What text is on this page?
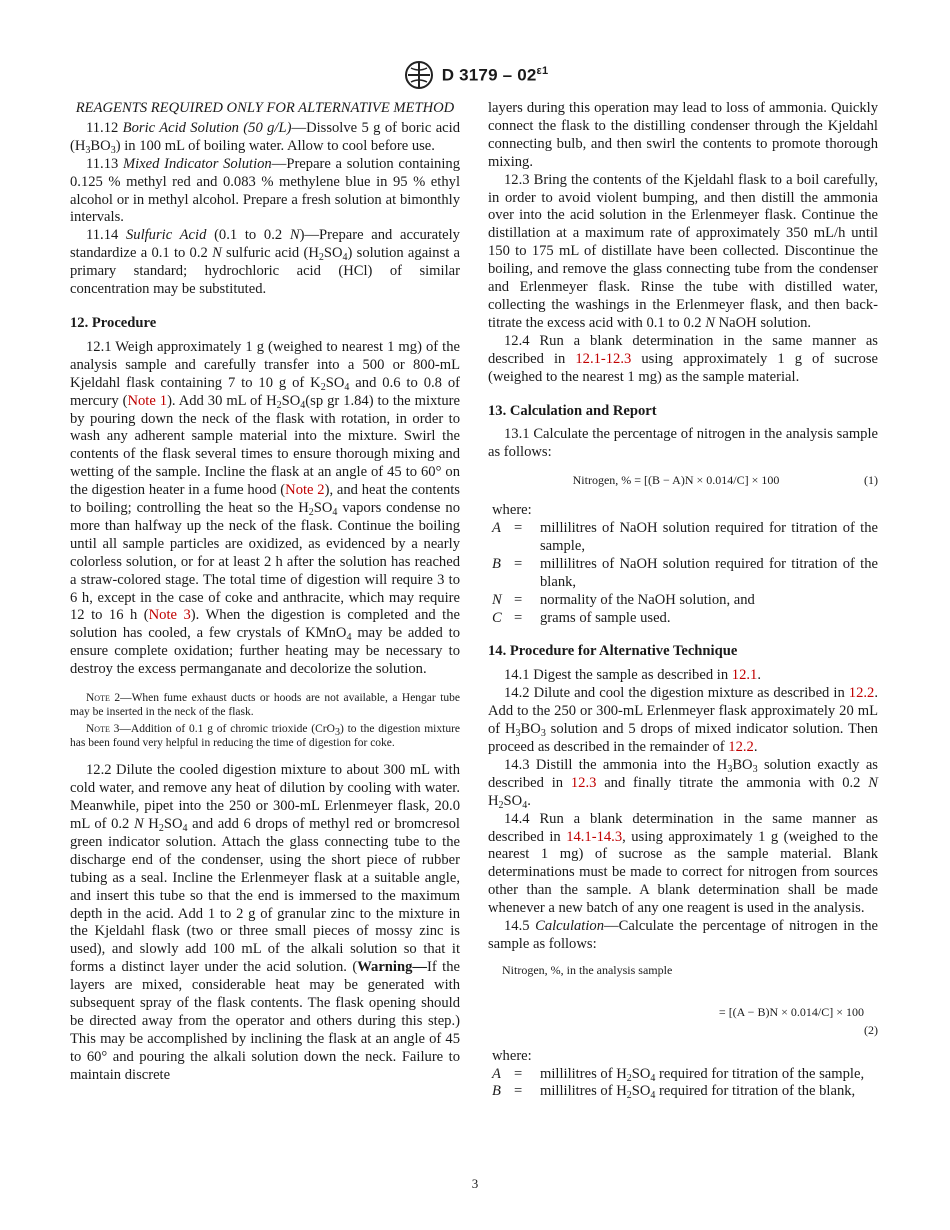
D $3179 - 02^{\varepsilon 1}$

REAGENTS REQUIRED ONLY FOR ALTERNATIVE METHOD

11.12 Boric Acid Solution (50 g/L)—Dissolve 5 g of boric acid $(H_3BO_3)$ in 100 mL of boiling water. Allow to cool before use.

11.13 Mixed Indicator Solution—Prepare a solution containing 0.125 % methyl red and 0.083 % methylene blue in 95 % ethyl alcohol or in methyl alcohol. Prepare a fresh solution at bimonthly intervals.

11.14 Sulfuric Acid (0.1 to 0.2 N)—Prepare and accurately standardize a 0.1 to 0.2 N sulfuric acid $(H_2SO_4)$ solution against a primary standard; hydrochloric acid (HCl) of similar concentration may be substituted.

12. Procedure

12.1 Weigh approximately 1 g (weighed to nearest 1 mg) of the analysis sample and carefully transfer into a 500 or 800-mL Kjeldahl flask containing 7 to 10 g of $K_2SO_4$ and 0.6 to 0.8 of mercury (Note 1). Add 30 mL of $H_2SO_4(sp$ gr 1.84) to the mixture by pouring down the neck of the flask with rotation, in order to wash any adherent sample material into the mixture. Swirl the contents of the flask several times to ensure thorough mixing and wetting of the sample. Incline the flask at an angle of 45 to 60° on the digestion heater in a fume hood (Note 2), and heat the contents to boiling; controlling the heat so the $H_2SO_4$ vapors condense no more than halfway up the neck of the flask. Continue the boiling until all sample particles are oxidized, as evidenced by a nearly colorless solution, or for at least 2 h after the solution has reached a straw-colored stage. The total time of digestion will require 3 to 6 h, except in the case of coke and anthracite, which may require 12 to 16 h (Note 3). When the digestion is completed and the solution has cooled, a few crystals of KMnO$_4$ may be added to ensure complete oxidation; further heating may be necessary to destroy the excess permanganate and decolorize the solution.

Note 2—When fume exhaust ducts or hoods are not available, a Hengar tube may be inserted in the neck of the flask.

Note 3—Addition of 0.1 g of chromic trioxide (CrO$_3$) to the digestion mixture has been found very helpful in reducing the time of digestion for coke.

12.2 Dilute the cooled digestion mixture to about 300 mL with cold water, and remove any heat of dilution by cooling with water. Meanwhile, pipet into the 250 or 300-mL Erlenmeyer flask, 20.0 mL of 0.2 N $H_2SO_4$ and add 6 drops of methyl red or bromcresol green indicator solution. Attach the glass connecting tube to the discharge end of the condenser, using the short piece of rubber tubing as a seal. Incline the Erlenmeyer flask at a suitable angle, and insert this tube so that the end is immersed to the maximum depth in the acid. Add 1 to 2 g of granular zinc to the mixture in the Kjeldahl flask (two or three small pieces of mossy zinc is used), and slowly add 100 mL of the alkali solution so that it forms a distinct layer under the acid solution. (Warning—If the layers are mixed, considerable heat may be generated with subsequent spray of the flask contents. The flask opening should be directed away from the operator and others during this step.) This may be accomplished by inclining the flask at an angle of 45 to 60° and pouring the alkali solution down the neck. Failure to maintain discrete

layers during this operation may lead to loss of ammonia. Quickly connect the flask to the distilling condenser through the Kjeldahl connecting bulb, and then swirl the contents to promote thorough mixing.

12.3 Bring the contents of the Kjeldahl flask to a boil carefully, in order to avoid violent bumping, and then distill the ammonia over into the acid solution in the Erlenmeyer flask. Continue the distillation at a maximum rate of approximately 350 mL/h until 150 to 175 mL of distillate have been collected. Discontinue the boiling, and remove the glass connecting tube from the condenser and Erlenmeyer flask. Rinse the tube with distilled water, collecting the washings in the Erlenmeyer flask, and then back-titrate the excess acid with 0.1 to 0.2 N NaOH solution.

12.4 Run a blank determination in the same manner as described in 12.1-12.3 using approximately 1 g of sucrose (weighed to the nearest 1 mg) as the sample material.

13. Calculation and Report

13.1 Calculate the percentage of nitrogen in the analysis sample as follows:

Nitrogen, % = [(B − A)N × 0.014/C] × 100	(1)

where:

A =	millilitres of NaOH solution required for titration of the sample,
B =	millilitres of NaOH solution required for titration of the blank,
N =	normality of the NaOH solution, and
C =	grams of sample used.

14. Procedure for Alternative Technique

14.1 Digest the sample as described in 12.1.

14.2 Dilute and cool the digestion mixture as described in 12.2. Add to the 250 or 300-mL Erlenmeyer flask approximately 20 mL of $H_3BO_3$ solution and 5 drops of mixed indicator solution. Then proceed as described in the remainder of 12.2.

14.3 Distill the ammonia into the $H_3BO_3$ solution exactly as described in 12.3 and finally titrate the ammonia with 0.2 N $H_2SO_4$.

14.4 Run a blank determination in the same manner as described in 14.1-14.3, using approximately 1 g (weighed to the nearest 1 mg) of sucrose as the sample material. Blank determinations must be made to correct for nitrogen from sources other than the sample. A blank determination shall be made whenever a new batch of any one reagent is used in the analysis.

14.5 Calculation—Calculate the percentage of nitrogen in the sample as follows:

Nitrogen, %, in the analysis sample

= [(A − B)N × 0.014/C] × 100
(2)

where:

A =	millilitres of $H_2SO_4$ required for titration of the sample,
B =	millilitres of $H_2SO_4$ required for titration of the blank,
3
